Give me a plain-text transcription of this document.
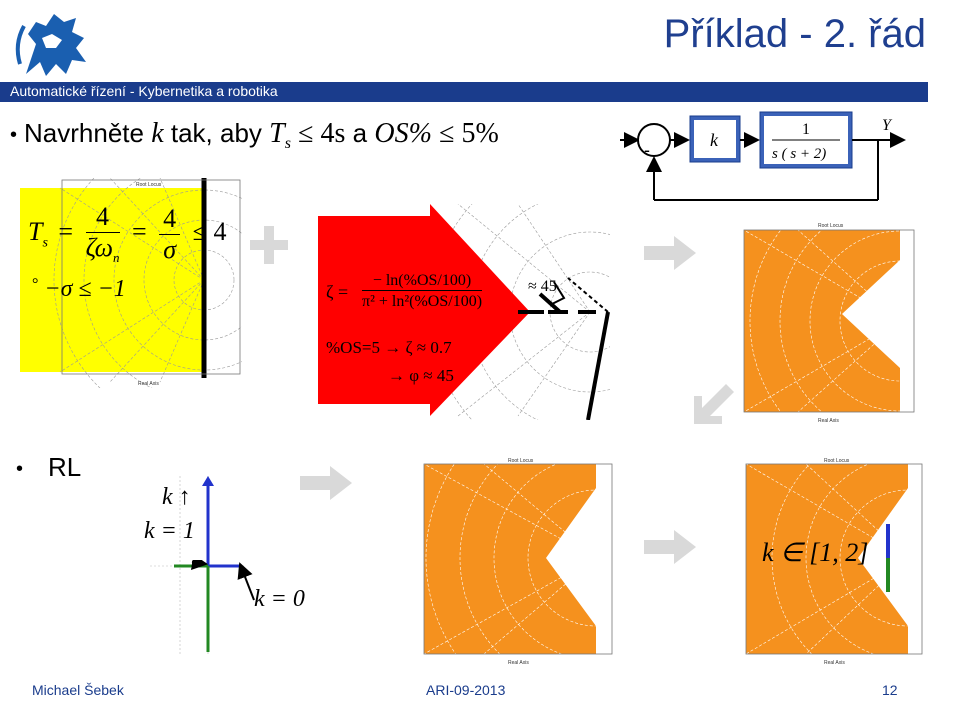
Příklad - 2. řád
Automatické řízení - Kybernetika a robotika
• Navrhněte k tak, aby $T_s \le 4s$ a OS% ≤ 5%
-	k
1
s ( s + 2)
Y
Root Locus
Real Axis
$T_s$ =
4
$\zeta\omega_n$
= $\frac{4}{\sigma} \le 4$
° −σ ≤ −1	ζ =
− ln(%OS/100)
π² + ln²(%OS/100)
≈ 45
%OS=5 → ζ ≈ 0.7
→ φ ≈ 45
Root Locus
Real Axis
• RL
k ↑
k = 1
k = 0
Root Locus
Real Axis
Root Locus
Real Axis
k ∈ [1, 2]
Michael Šebek	ARI-09-2013	12
